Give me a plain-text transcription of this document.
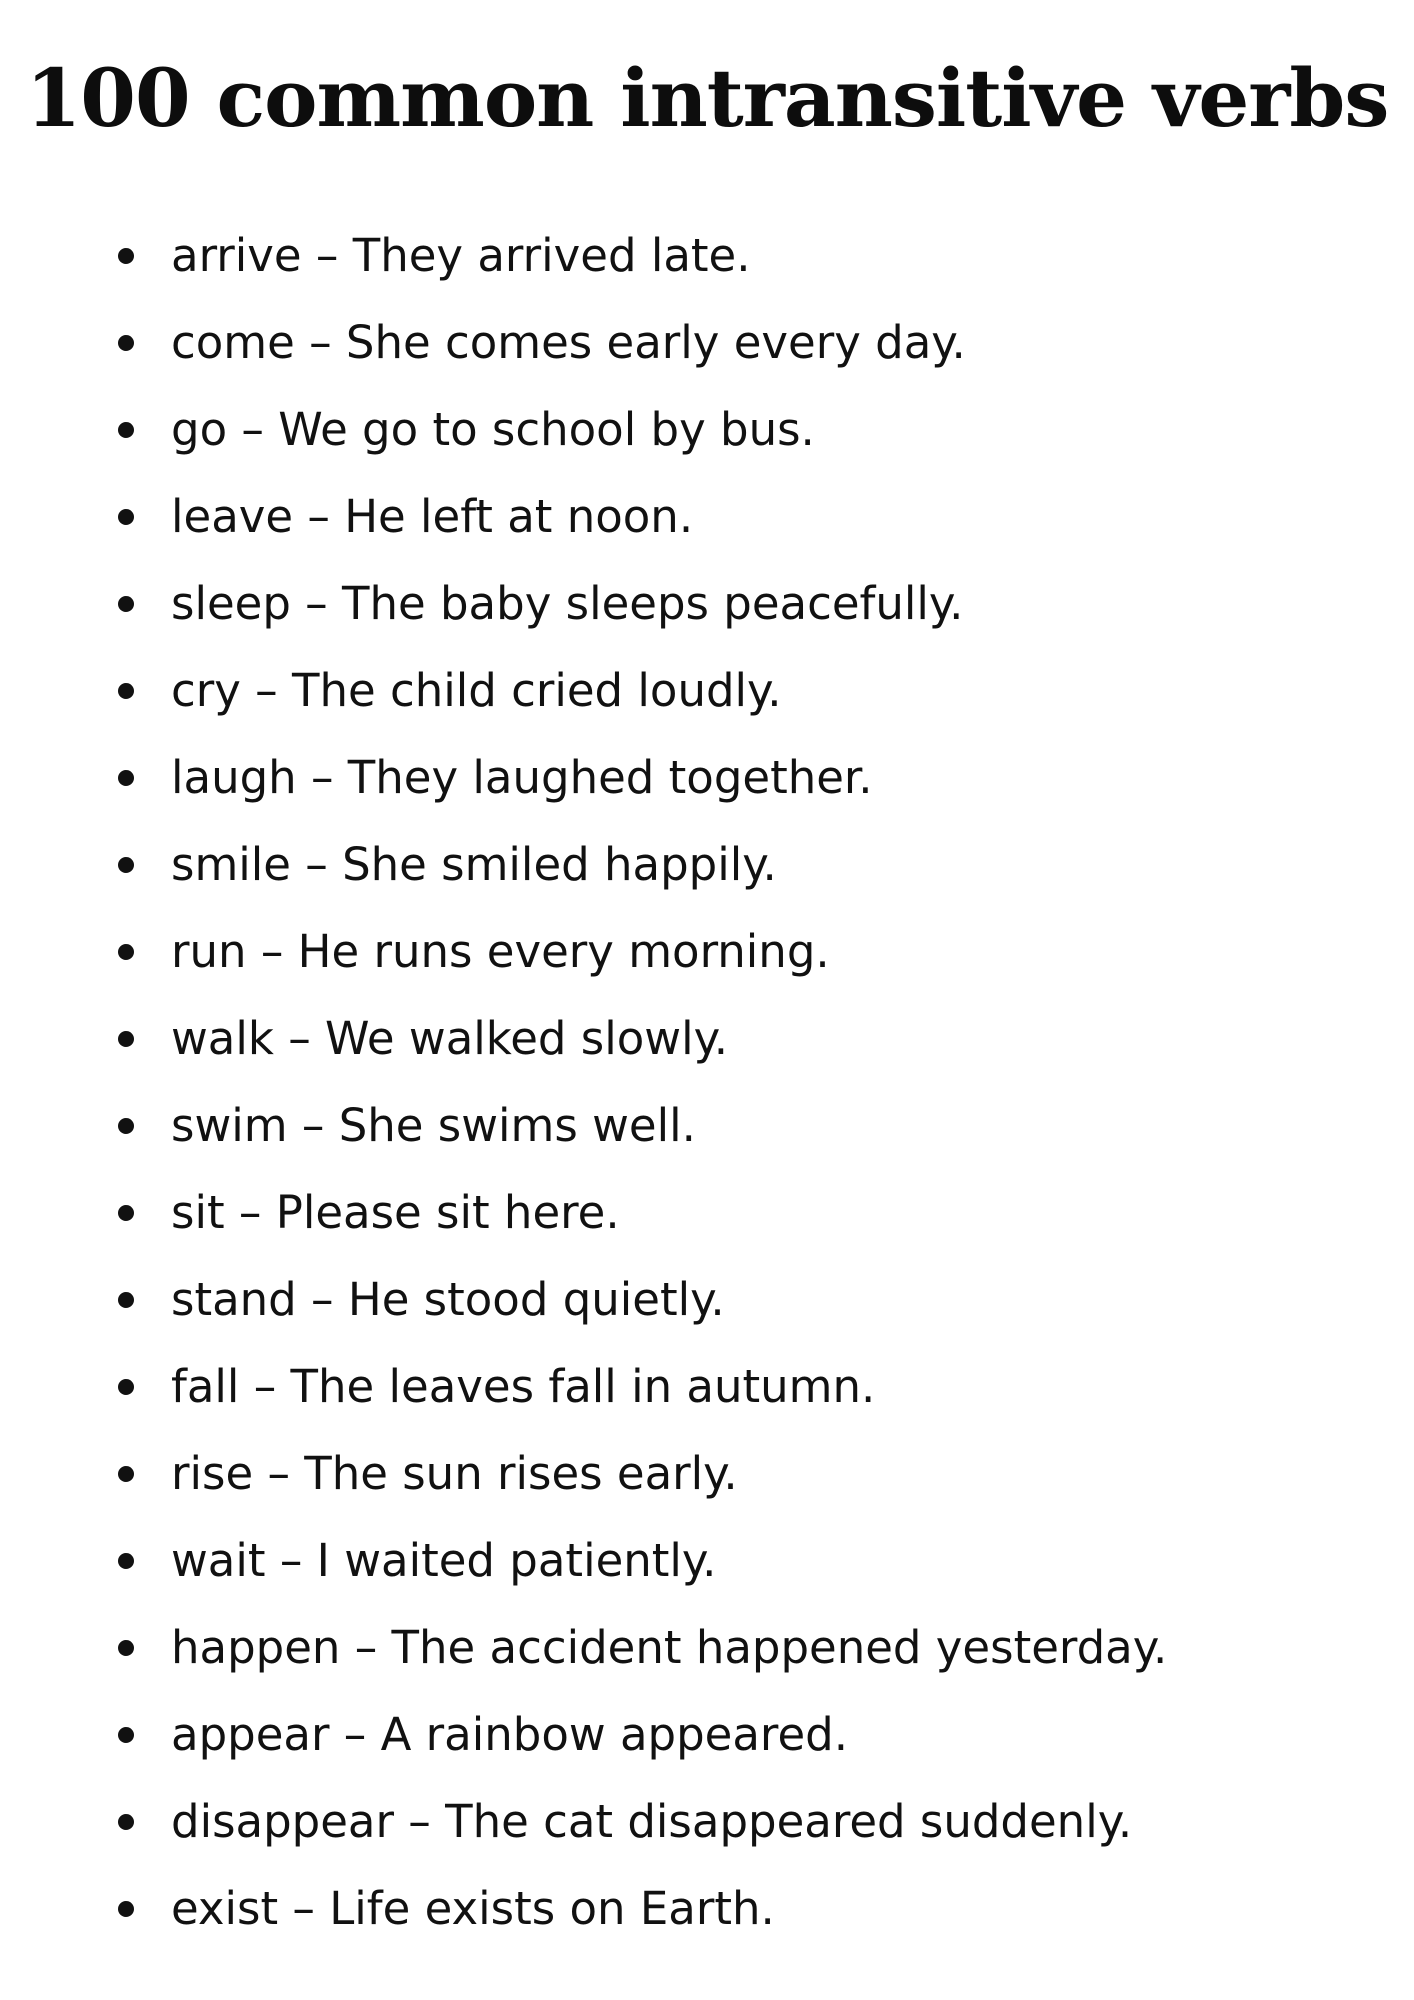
100 common intransitive verbs
arrive – They arrived late.
come – She comes early every day.
go – We go to school by bus.
leave – He left at noon.
sleep – The baby sleeps peacefully.
cry – The child cried loudly.
laugh – They laughed together.
smile – She smiled happily.
run – He runs every morning.
walk – We walked slowly.
swim – She swims well.
sit – Please sit here.
stand – He stood quietly.
fall – The leaves fall in autumn.
rise – The sun rises early.
wait – I waited patiently.
happen – The accident happened yesterday.
appear – A rainbow appeared.
disappear – The cat disappeared suddenly.
exist – Life exists on Earth.
